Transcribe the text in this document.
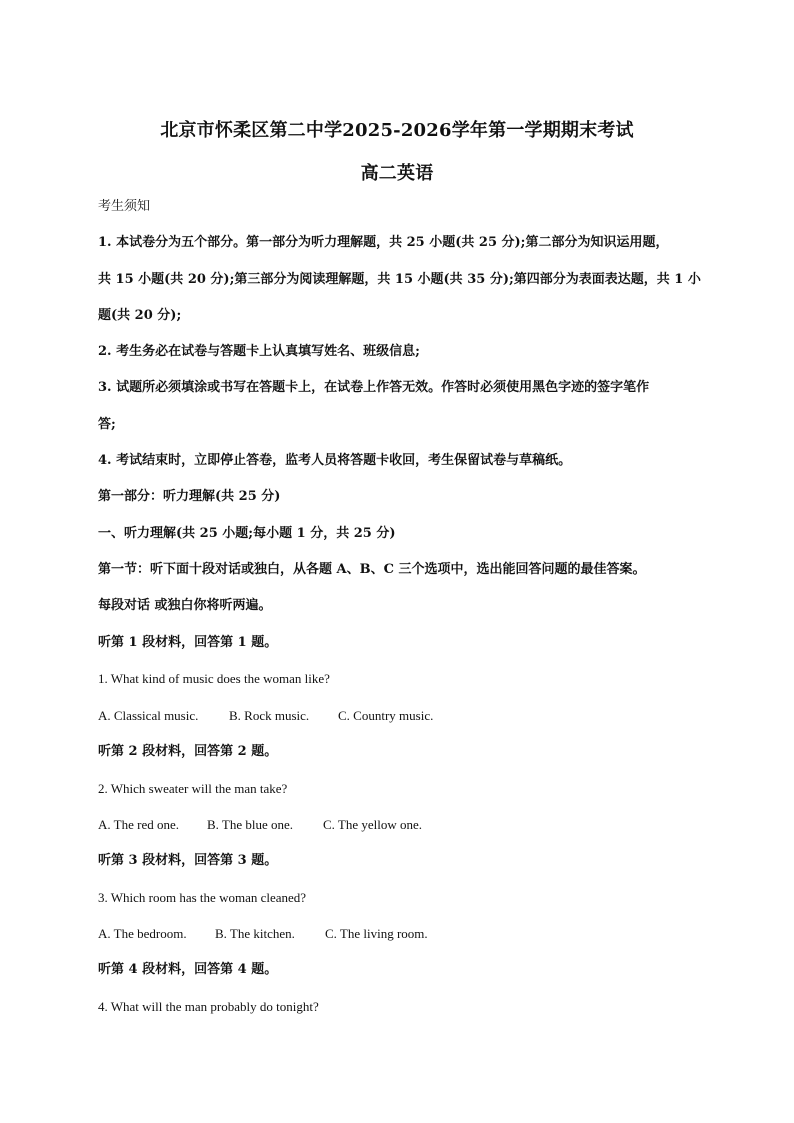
北京市怀柔区第二中学2025-2026学年第一学期期末考试
高二英语
考生须知
1. 本试卷分为五个部分。第一部分为听力理解题，共 25 小题(共 25 分);第二部分为知识运用题，
共 15 小题(共 20 分);第三部分为阅读理解题，共 15 小题(共 35 分);第四部分为表面表达题，共 1 小
题(共 20 分);
2. 考生务必在试卷与答题卡上认真填写姓名、班级信息;
3. 试题所必须填涂或书写在答题卡上，在试卷上作答无效。作答时必须使用黑色字迹的签字笔作
答;
4. 考试结束时，立即停止答卷，监考人员将答题卡收回，考生保留试卷与草稿纸。
第一部分：听力理解(共 25 分)
一、听力理解(共 25 小题;每小题 1 分，共 25 分)
第一节：听下面十段对话或独白，从各题 A、B、C 三个选项中，选出能回答问题的最佳答案。
每段对话 或独白你将听两遍。
听第 1 段材料，回答第 1 题。
1. What kind of music does the woman like?
A. Classical music. B. Rock music. C. Country music.
听第 2 段材料，回答第 2 题。
2. Which sweater will the man take?
A. The red one. B. The blue one. C. The yellow one.
听第 3 段材料，回答第 3 题。
3. Which room has the woman cleaned?
A. The bedroom. B. The kitchen. C. The living room.
听第 4 段材料，回答第 4 题。
4. What will the man probably do tonight?
